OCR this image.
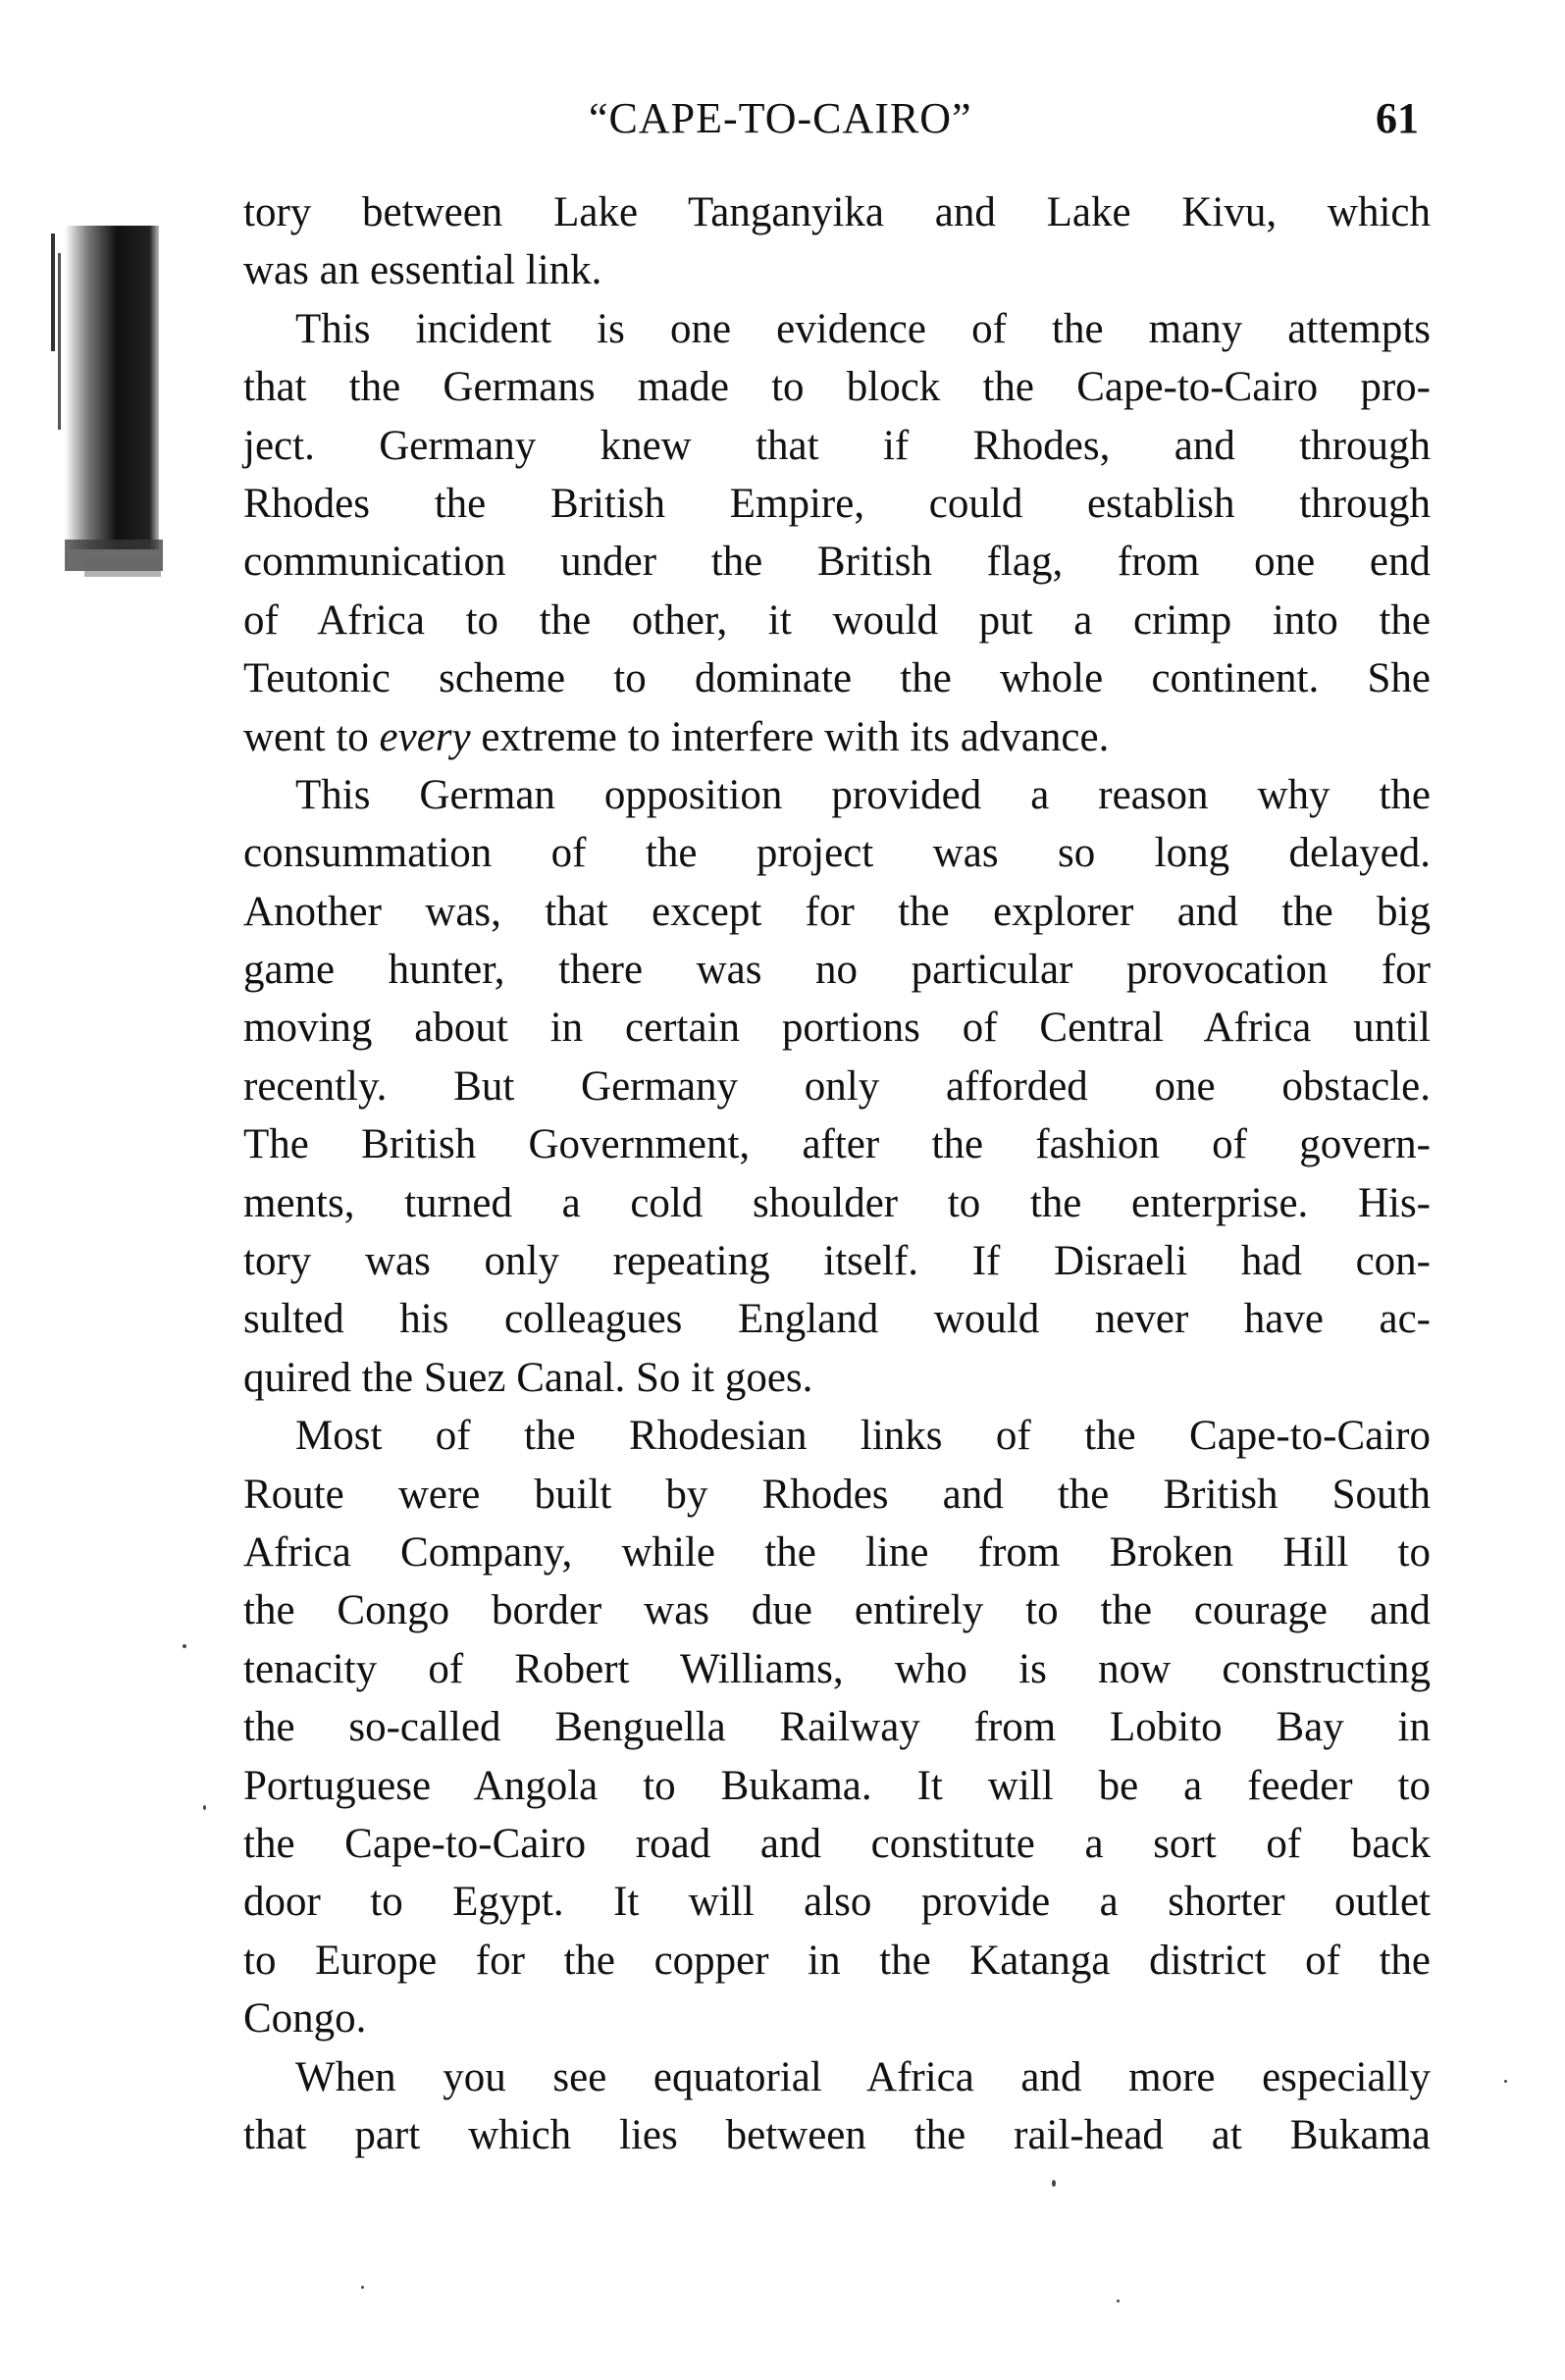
“CAPE-TO-CAIRO”	61
tory between Lake Tanganyika and Lake Kivu, which
was an essential link.
This incident is one evidence of the many attempts
that the Germans made to block the Cape-to-Cairo pro-
ject. Germany knew that if Rhodes, and through
Rhodes the British Empire, could establish through
communication under the British flag, from one end
of Africa to the other, it would put a crimp into the
Teutonic scheme to dominate the whole continent. She
went to every extreme to interfere with its advance.
This German opposition provided a reason why the
consummation of the project was so long delayed.
Another was, that except for the explorer and the big
game hunter, there was no particular provocation for
moving about in certain portions of Central Africa until
recently. But Germany only afforded one obstacle.
The British Government, after the fashion of govern-
ments, turned a cold shoulder to the enterprise. His-
tory was only repeating itself. If Disraeli had con-
sulted his colleagues England would never have ac-
quired the Suez Canal. So it goes.
Most of the Rhodesian links of the Cape-to-Cairo
Route were built by Rhodes and the British South
Africa Company, while the line from Broken Hill to
the Congo border was due entirely to the courage and
tenacity of Robert Williams, who is now constructing
the so-called Benguella Railway from Lobito Bay in
Portuguese Angola to Bukama. It will be a feeder to
the Cape-to-Cairo road and constitute a sort of back
door to Egypt. It will also provide a shorter outlet
to Europe for the copper in the Katanga district of the
Congo.
When you see equatorial Africa and more especially
that part which lies between the rail-head at Bukama
